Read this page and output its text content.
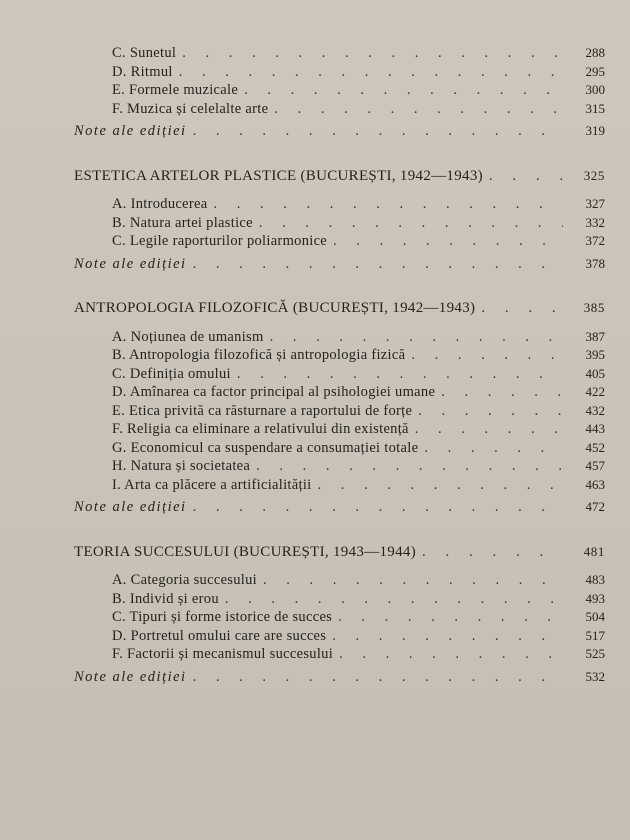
C. Sunetul . . .	288
D. Ritmul . . .	295
E. Formele muzicale . . .	300
F. Muzica și celelalte arte . . .	315
Note ale ediției . . .	319
ESTETICA ARTELOR PLASTICE (BUCUREȘTI, 1942—1943) . . .	325
A. Introducerea . . .	327
B. Natura artei plastice . . .	332
C. Legile raporturilor poliarmonice . . .	372
Note ale ediției . . .	378
ANTROPOLOGIA FILOZOFICĂ (BUCUREȘTI, 1942—1943) . . .	385
A. Noțiunea de umanism . . .	387
B. Antropologia filozofică și antropologia fizică . . .	395
C. Definiția omului . . .	405
D. Amînarea ca factor principal al psihologiei umane . . .	422
E. Etica privită ca răsturnare a raportului de forțe . . .	432
F. Religia ca eliminare a relativului din existență . . .	443
G. Economicul ca suspendare a consumației totale . . .	452
H. Natura și societatea . . .	457
I. Arta ca plăcere a artificialității . . .	463
Note ale ediției . . .	472
TEORIA SUCCESULUI (BUCUREȘTI, 1943—1944) . . .	481
A. Categoria succesului . . .	483
B. Individ și erou . . .	493
C. Tipuri și forme istorice de succes . . .	504
D. Portretul omului care are succes . . .	517
F. Factorii și mecanismul succesului . . .	525
Note ale ediției . . .	532
